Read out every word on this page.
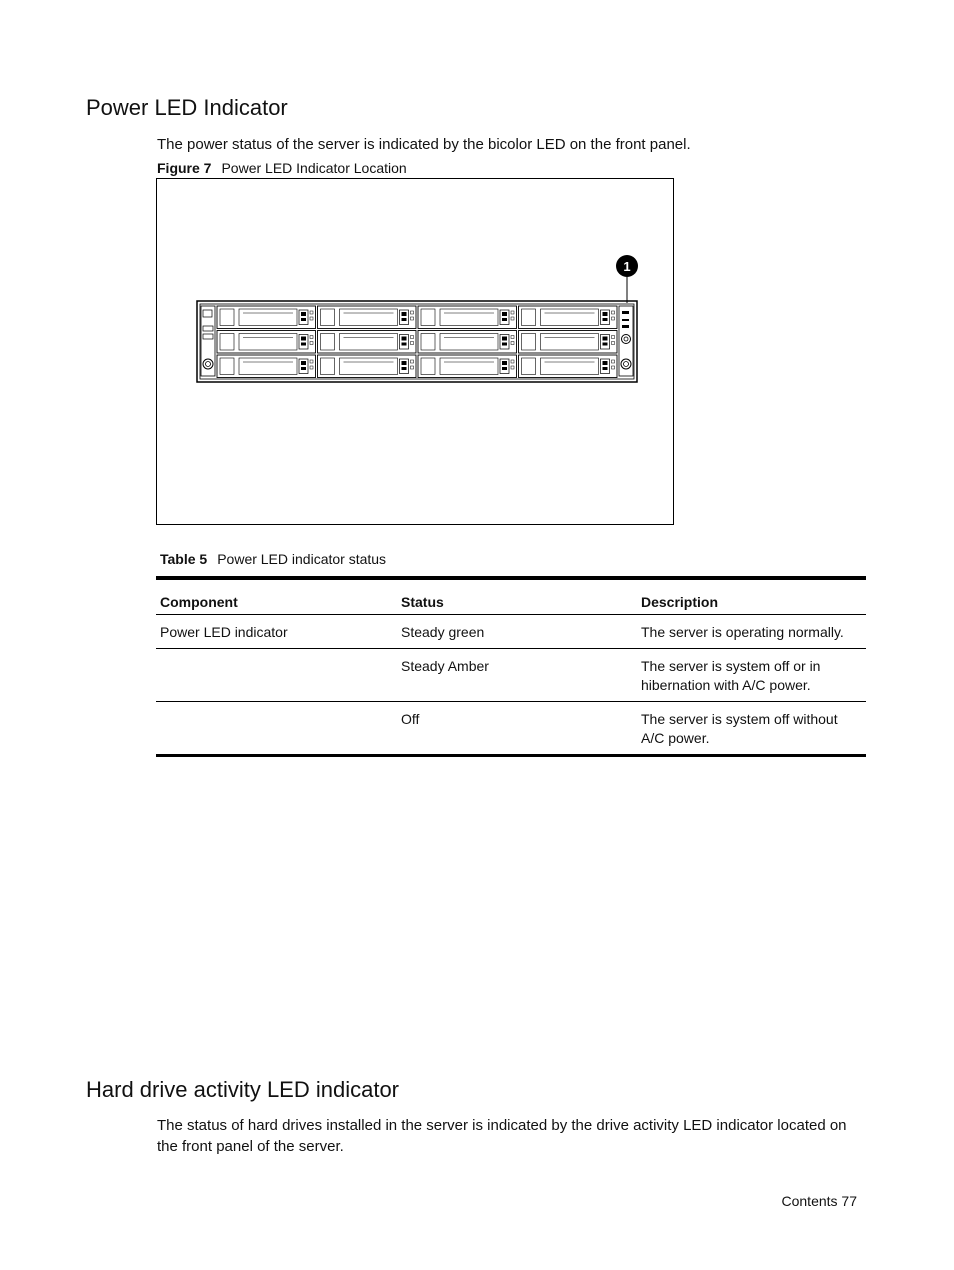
Power LED Indicator

The power status of the server is indicated by the bicolor LED on the front panel.

Figure 7 Power LED Indicator Location
1
Table 5 Power LED indicator status
Component	Status	Description
Power LED indicator	Steady green	The server is operating normally.
	Steady Amber	The server is system off or in hibernation with A/C power.
	Off	The server is system off without A/C power.
Hard drive activity LED indicator

The status of hard drives installed in the server is indicated by the drive activity LED indicator located on the front panel of the server.

Contents 77
